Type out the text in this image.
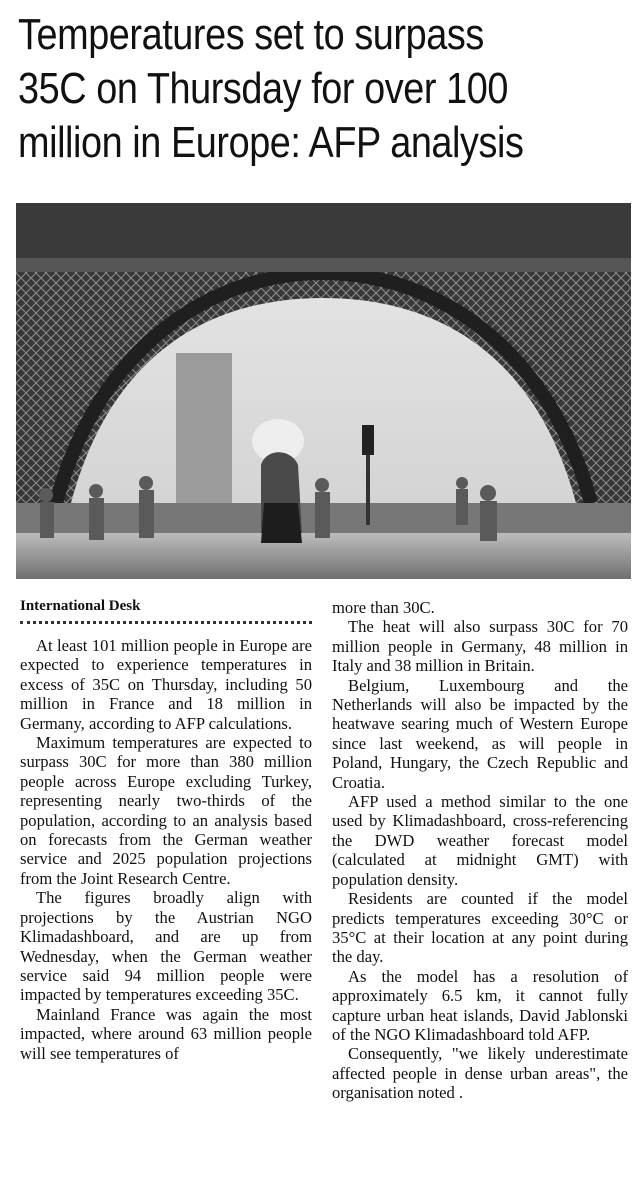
Temperatures set to surpass 35C on Thursday for over 100 million in Europe: AFP analysis
International Desk

At least 101 million people in Europe are expected to experience temperatures in excess of 35C on Thursday, including 50 million in France and 18 million in Germany, according to AFP calculations.

Maximum temperatures are expected to surpass 30C for more than 380 million people across Europe excluding Turkey, representing nearly two-thirds of the population, according to an analysis based on forecasts from the German weather service and 2025 population projections from the Joint Research Centre.

The figures broadly align with projections by the Austrian NGO Klimadashboard, and are up from Wednesday, when the German weather service said 94 million people were impacted by temperatures exceeding 35C.

Mainland France was again the most impacted, where around 63 million people will see temperatures of

more than 30C.

The heat will also surpass 30C for 70 million people in Germany, 48 million in Italy and 38 million in Britain.

Belgium, Luxembourg and the Netherlands will also be impacted by the heatwave searing much of Western Europe since last weekend, as will people in Poland, Hungary, the Czech Republic and Croatia.

AFP used a method similar to the one used by Klimadashboard, cross-referencing the DWD weather forecast model (calculated at midnight GMT) with population density.

Residents are counted if the model predicts temperatures exceeding 30°C or 35°C at their location at any point during the day.

As the model has a resolution of approximately 6.5 km, it cannot fully capture urban heat islands, David Jablonski of the NGO Klimadashboard told AFP.

Consequently, "we likely underestimate affected people in dense urban areas", the organisation noted .
